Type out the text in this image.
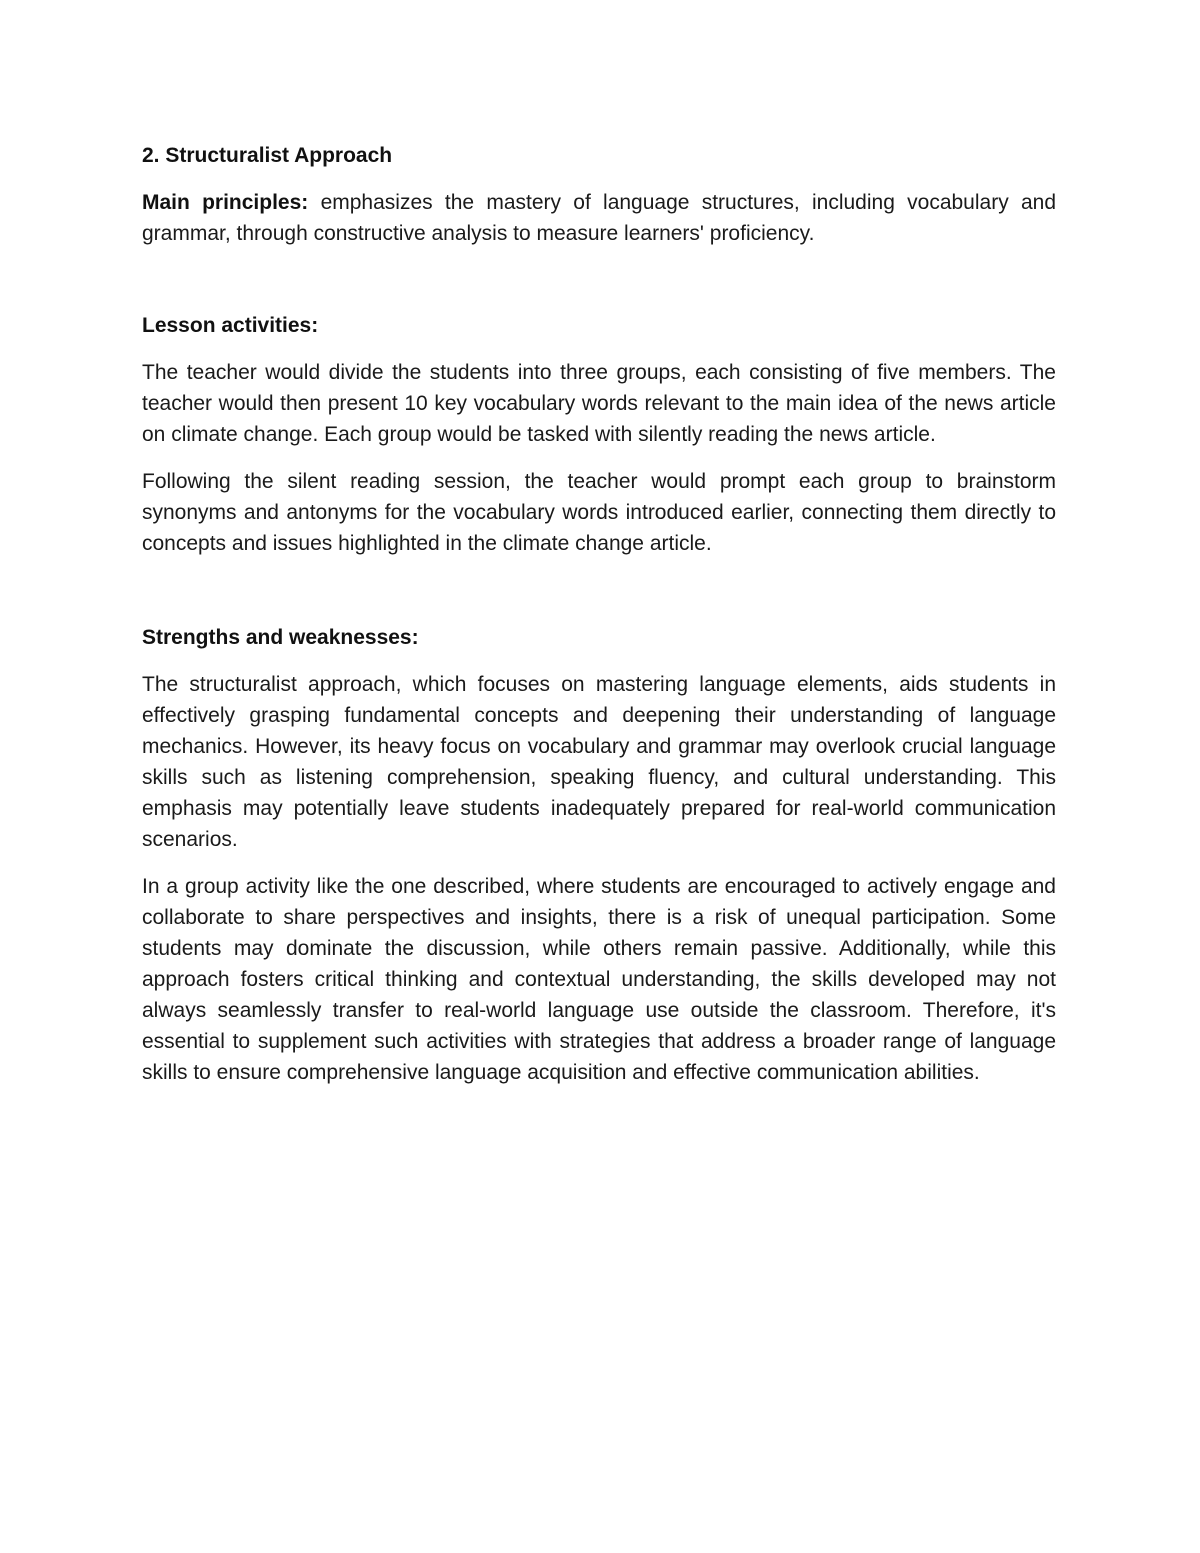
2. Structuralist Approach

Main principles: emphasizes the mastery of language structures, including vocabulary and grammar, through constructive analysis to measure learners' proficiency.

Lesson activities:

The teacher would divide the students into three groups, each consisting of five members. The teacher would then present 10 key vocabulary words relevant to the main idea of the news article on climate change. Each group would be tasked with silently reading the news article.

Following the silent reading session, the teacher would prompt each group to brainstorm synonyms and antonyms for the vocabulary words introduced earlier, connecting them directly to concepts and issues highlighted in the climate change article.

Strengths and weaknesses:

The structuralist approach, which focuses on mastering language elements, aids students in effectively grasping fundamental concepts and deepening their understanding of language mechanics. However, its heavy focus on vocabulary and grammar may overlook crucial language skills such as listening comprehension, speaking fluency, and cultural understanding. This emphasis may potentially leave students inadequately prepared for real-world communication scenarios.

In a group activity like the one described, where students are encouraged to actively engage and collaborate to share perspectives and insights, there is a risk of unequal participation. Some students may dominate the discussion, while others remain passive. Additionally, while this approach fosters critical thinking and contextual understanding, the skills developed may not always seamlessly transfer to real-world language use outside the classroom. Therefore, it's essential to supplement such activities with strategies that address a broader range of language skills to ensure comprehensive language acquisition and effective communication abilities.
